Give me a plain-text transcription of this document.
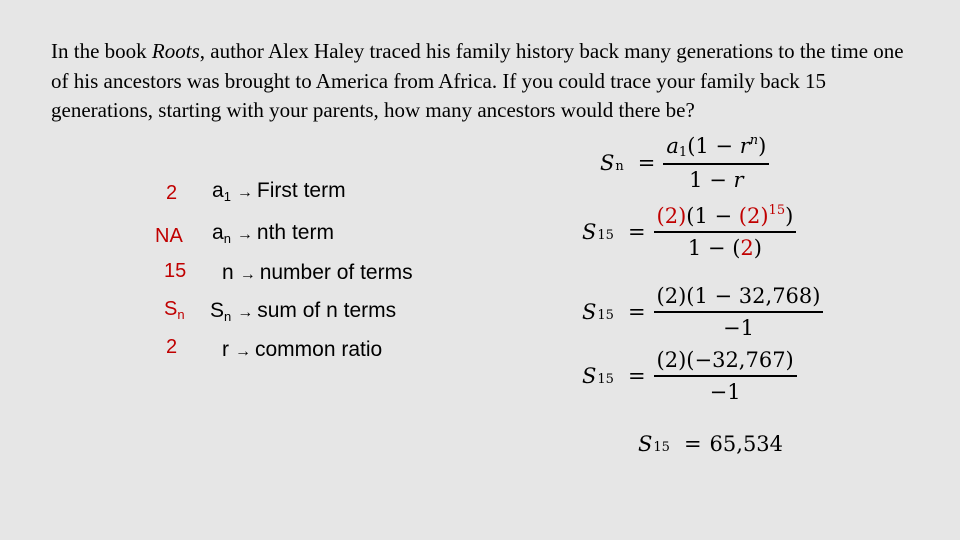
In the book Roots, author Alex Haley traced his family history back many generations to the time one of his ancestors was brought to America from Africa. If you could trace your family back 15 generations, starting with your parents, how many ancestors would there be?

2 $a_1$ → First term
NA $a_n$ → nth term
15 n → number of terms
$S_n$ $S_n$ → sum of n terms
2 r → common ratio
S $n = \frac{a_1(1 - r^n)}{1 - r}$
S $15 = \frac{(2)(1 - (2)^{15})}{1 - (2)}$
S $15 = \frac{(2)(1 - 32,768)}{-1}$
S $15 = \frac{(2)(-32,767)}{-1}$
S 15 = 65,534
